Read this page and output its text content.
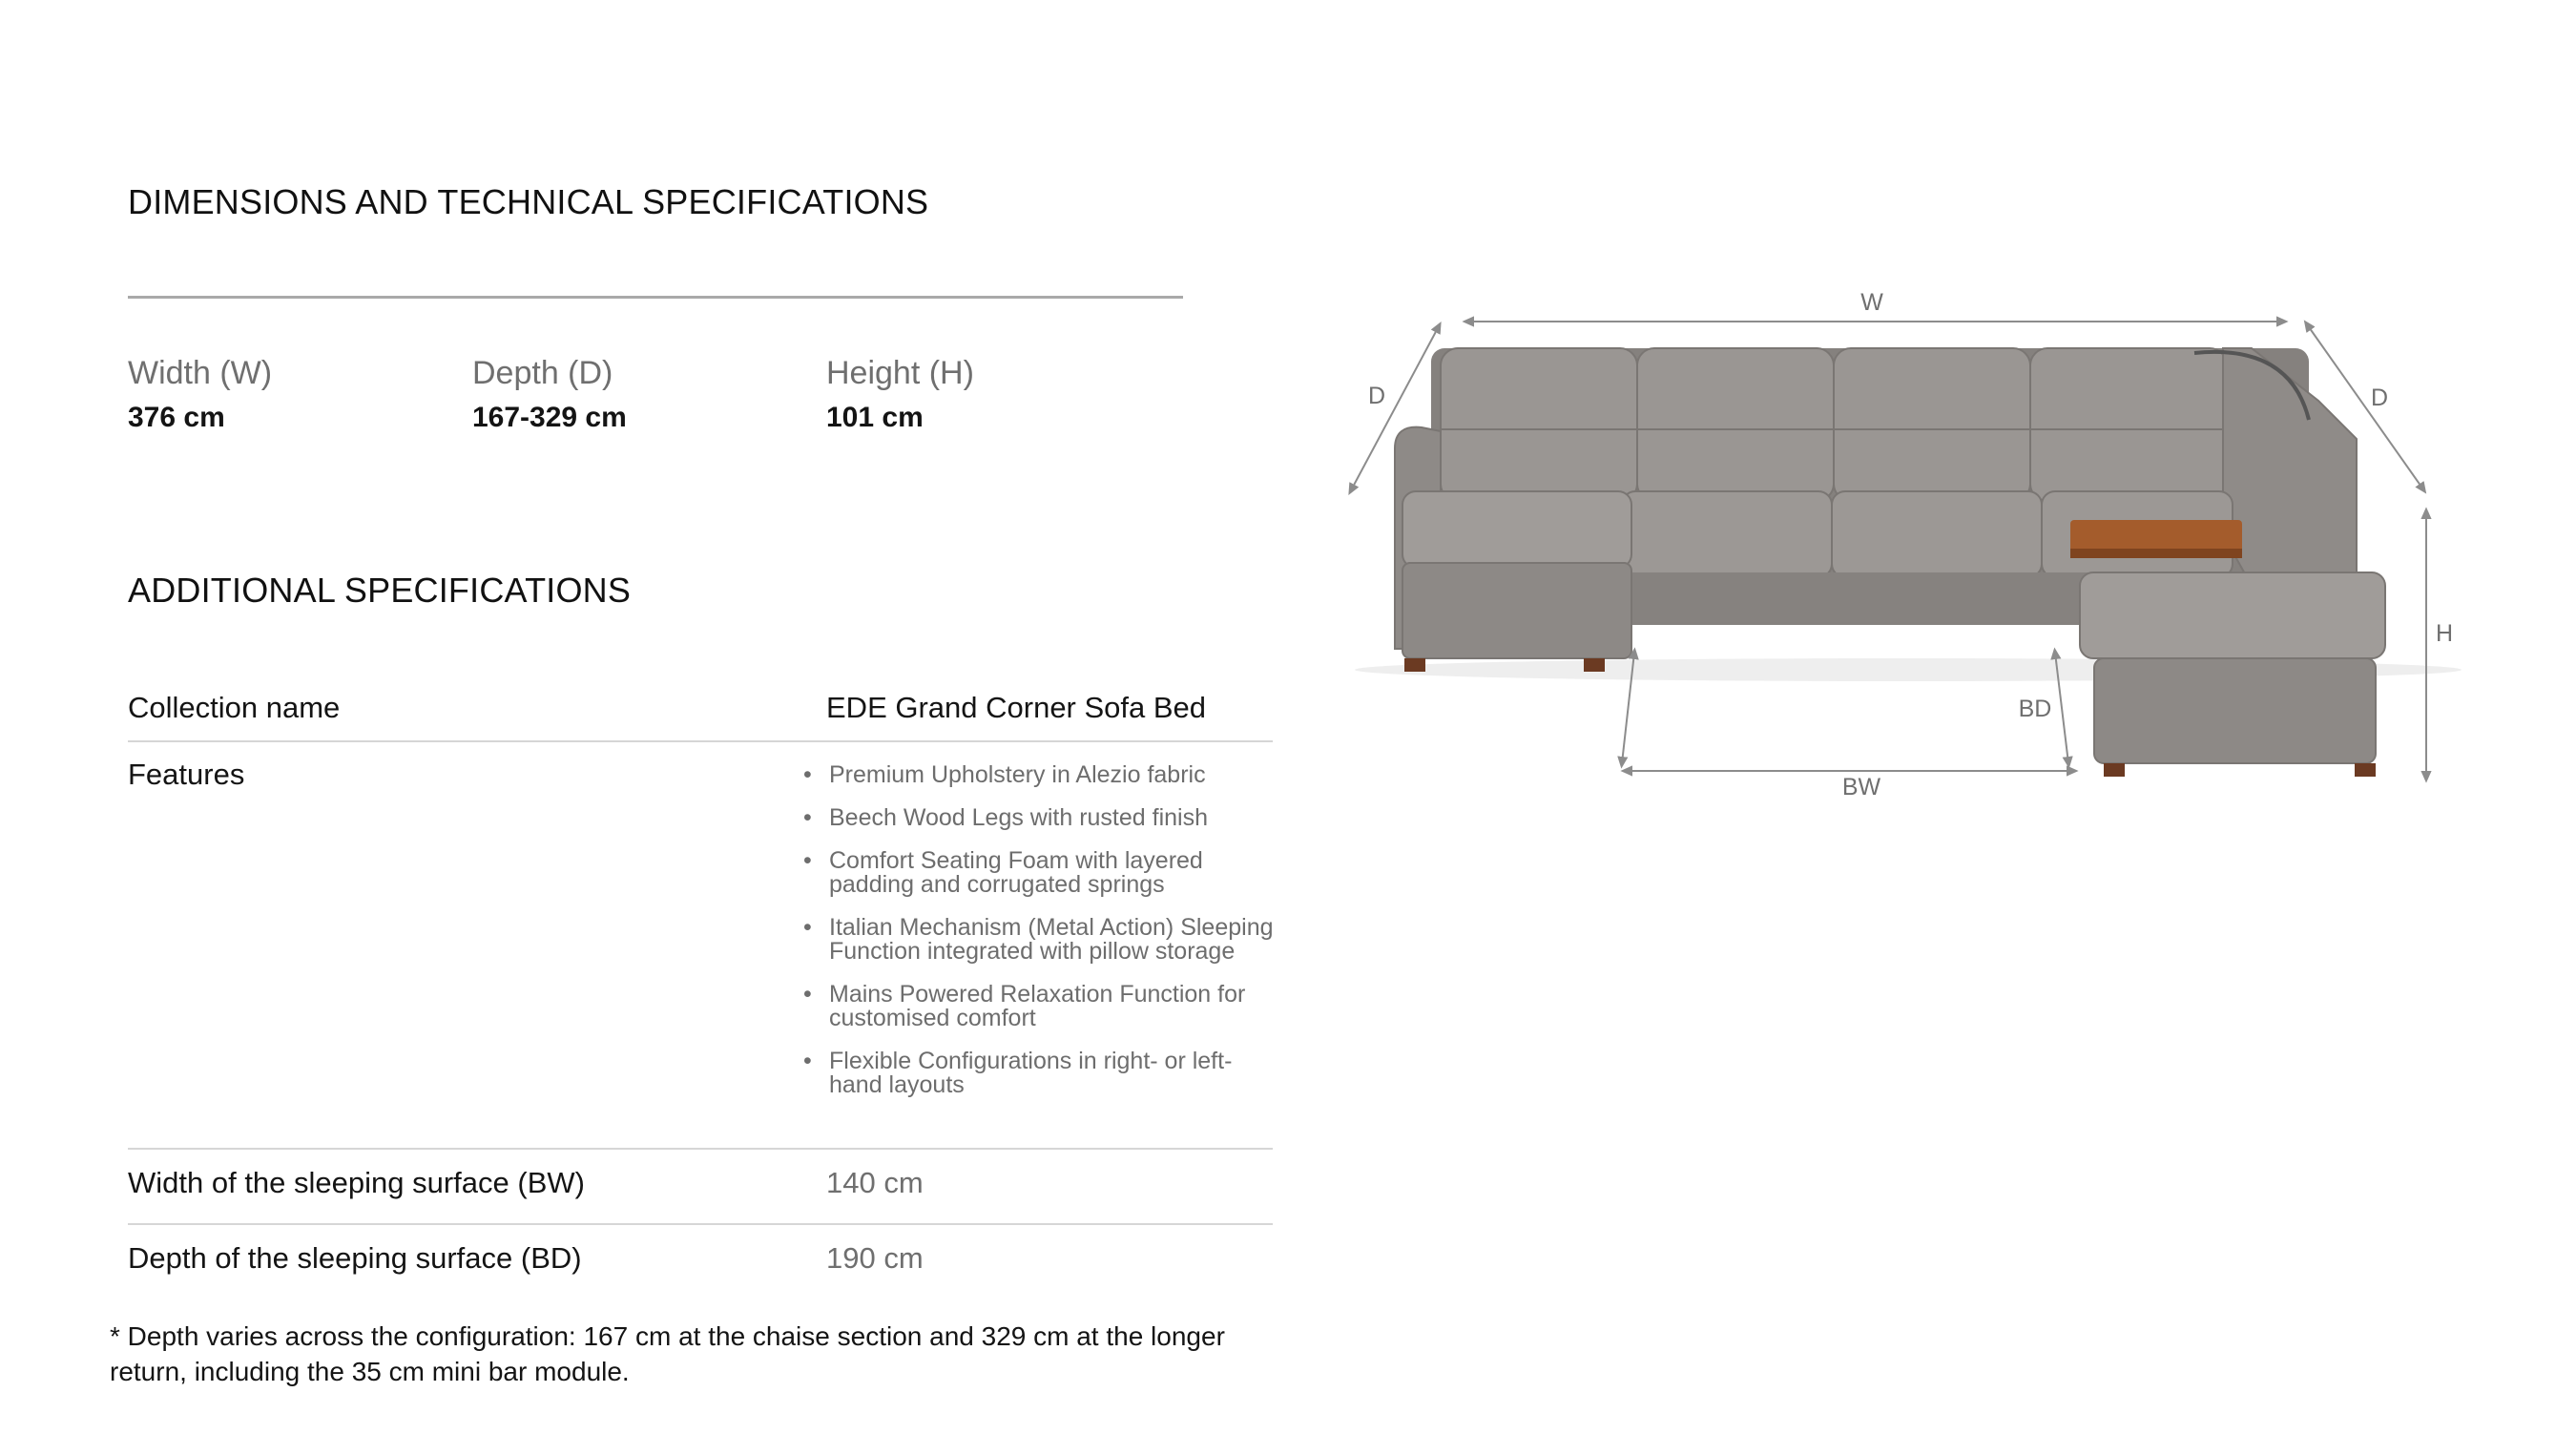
DIMENSIONS AND TECHNICAL SPECIFICATIONS
Width (W)
376 cm
Depth (D)
167-329 cm
Height (H)
101 cm
ADDITIONAL SPECIFICATIONS
Collection name	EDE Grand Corner Sofa Bed
Features
•	Premium Upholstery in Alezio fabric
• Beech Wood Legs with rusted finish
• Comfort Seating Foam with layered padding and corrugated springs
• Italian Mechanism (Metal Action) Sleeping Function integrated with pillow storage
• Mains Powered Relaxation Function for customised comfort
• Flexible Configurations in right- or left-hand layouts
Width of the sleeping surface (BW)	140 cm
Depth of the sleeping surface (BD)	190 cm
* Depth varies across the configuration: 167 cm at the chaise section and 329 cm at the longer return, including the 35 cm mini bar module.
W
D	D
H
BD
BW
